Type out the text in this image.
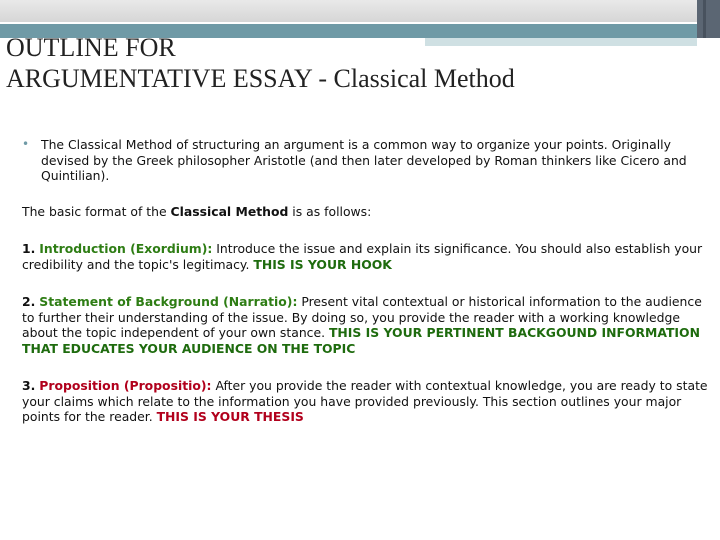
OUTLINE FOR
ARGUMENTATIVE ESSAY - Classical Method
• The Classical Method of structuring an argument is a common way to organize your points. Originally devised by the Greek philosopher Aristotle (and then later developed by Roman thinkers like Cicero and Quintilian).

The basic format of the Classical Method is as follows:

1. Introduction (Exordium): Introduce the issue and explain its significance. You should also establish your credibility and the topic's legitimacy. THIS IS YOUR HOOK

2. Statement of Background (Narratio): Present vital contextual or historical information to the audience to further their understanding of the issue. By doing so, you provide the reader with a working knowledge about the topic independent of your own stance. THIS IS YOUR PERTINENT BACKGOUND INFORMATION THAT EDUCATES YOUR AUDIENCE ON THE TOPIC

3. Proposition (Propositio): After you provide the reader with contextual knowledge, you are ready to state your claims which relate to the information you have provided previously. This section outlines your major points for the reader. THIS IS YOUR THESIS
